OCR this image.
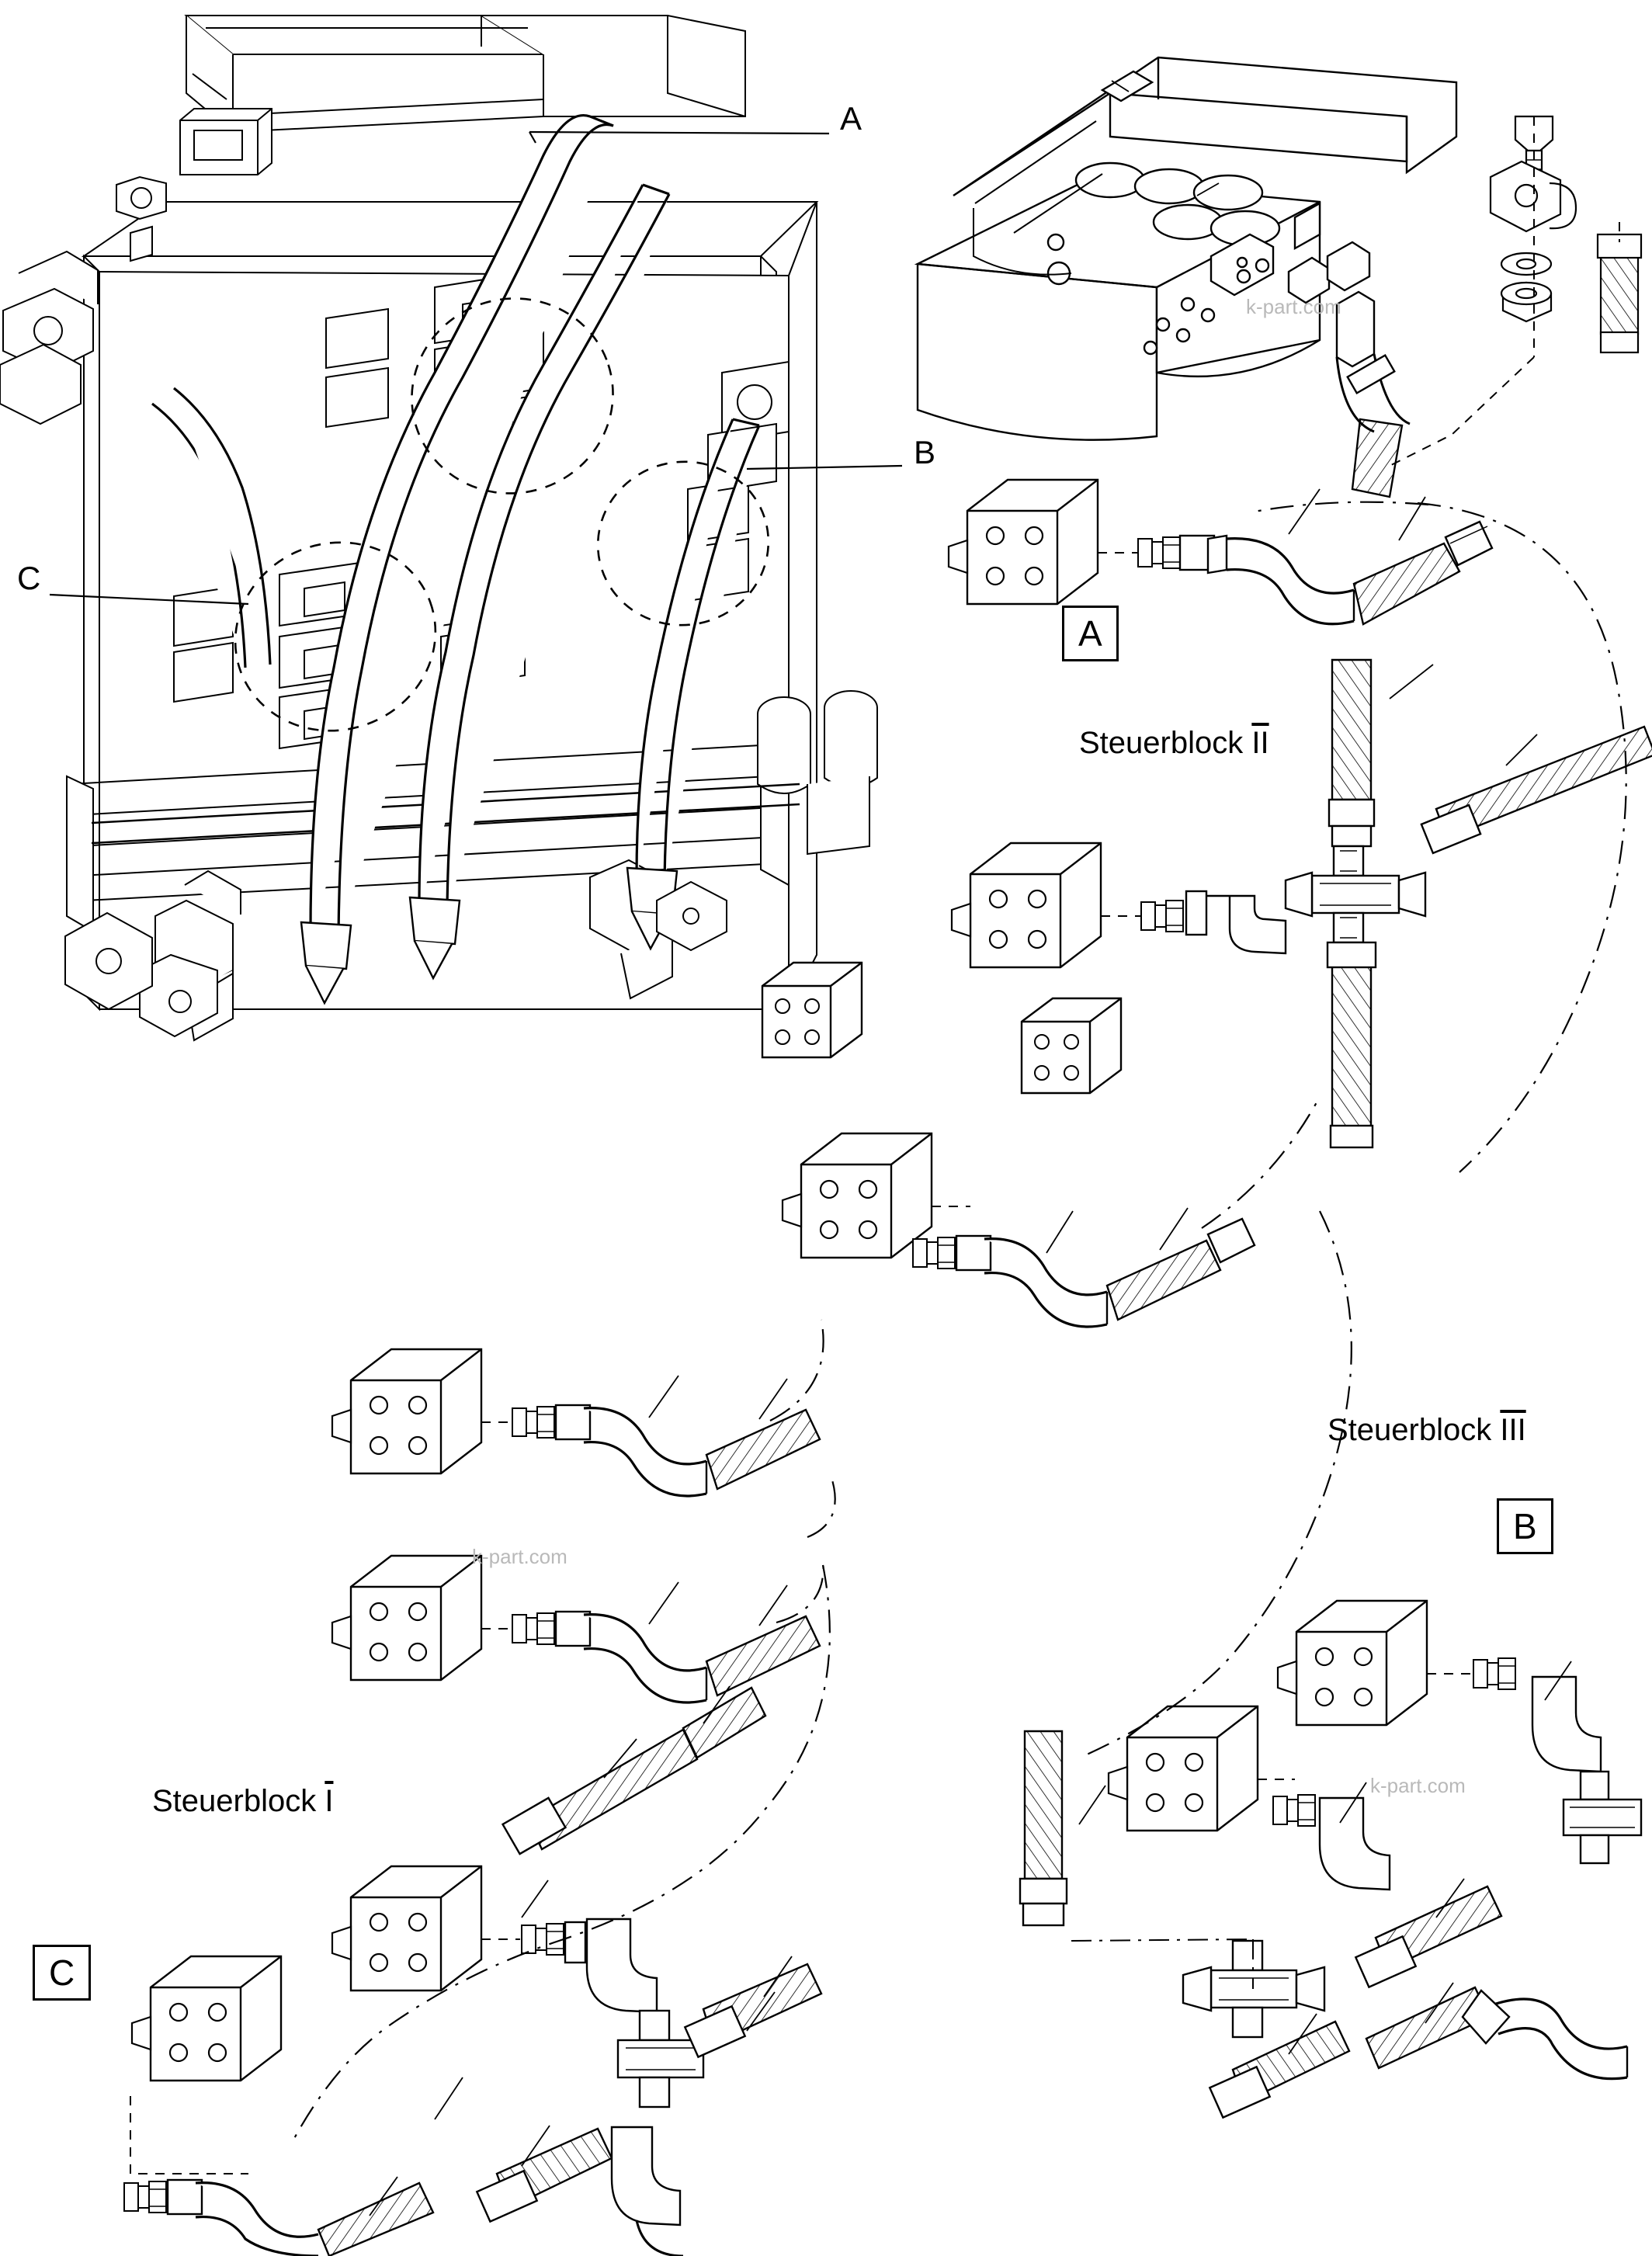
A
B
C
A
B
C
Steuerblock $\overline{II}$
Steuerblock $\overline{III}$
Steuerblock $\overline{I}$
k-part.com
k-part.com
k-part.com
